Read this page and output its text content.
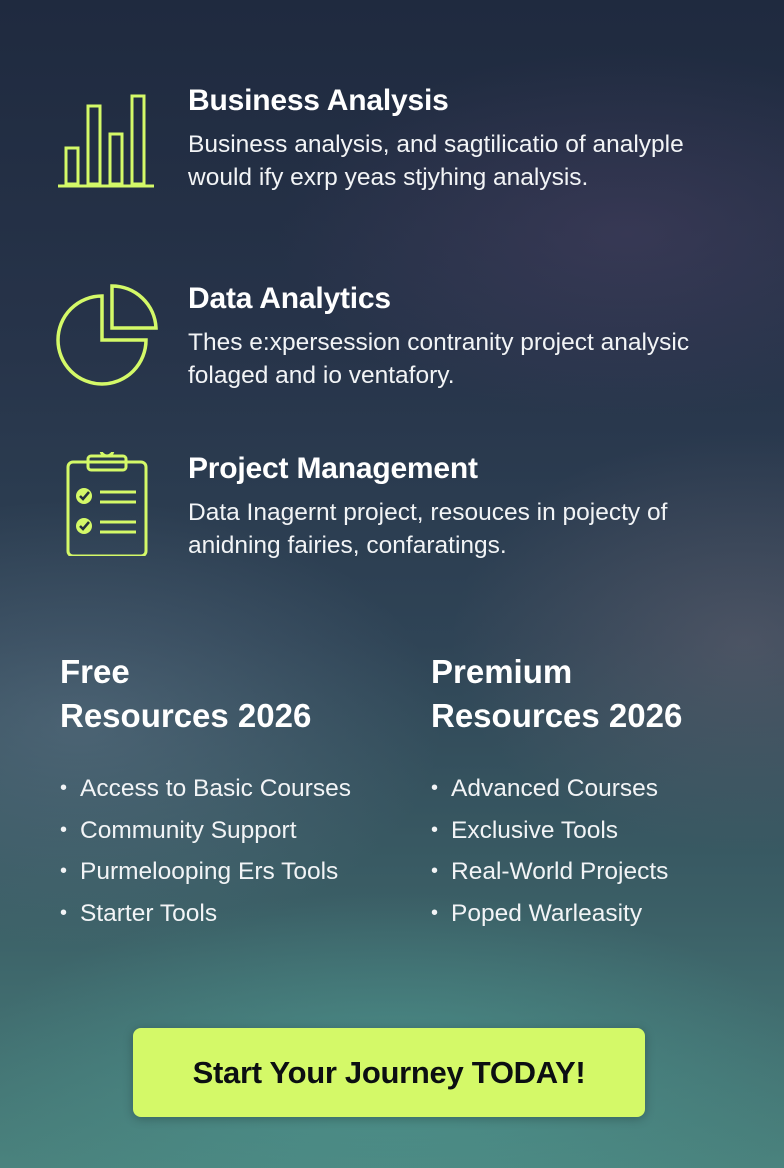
Business Analysis
Business analysis, and sagtilicatio of analyple would ify exrp yeas stjyhing analysis.
Data Analytics
Thes e:xpersession contranity project analysic folaged and io ventafory.
Project Management
Data Inagernt project, resouces in pojecty of anidning fairies, confaratings.
Free
Resources 2026
• Access to Basic Courses
• Community Support
• Purmelooping Ers Tools
• Starter Tools
Premium
Resources 2026
• Advanced Courses
• Exclusive Tools
• Real-World Projects
• Poped Warleasity
Start Your Journey TODAY!
